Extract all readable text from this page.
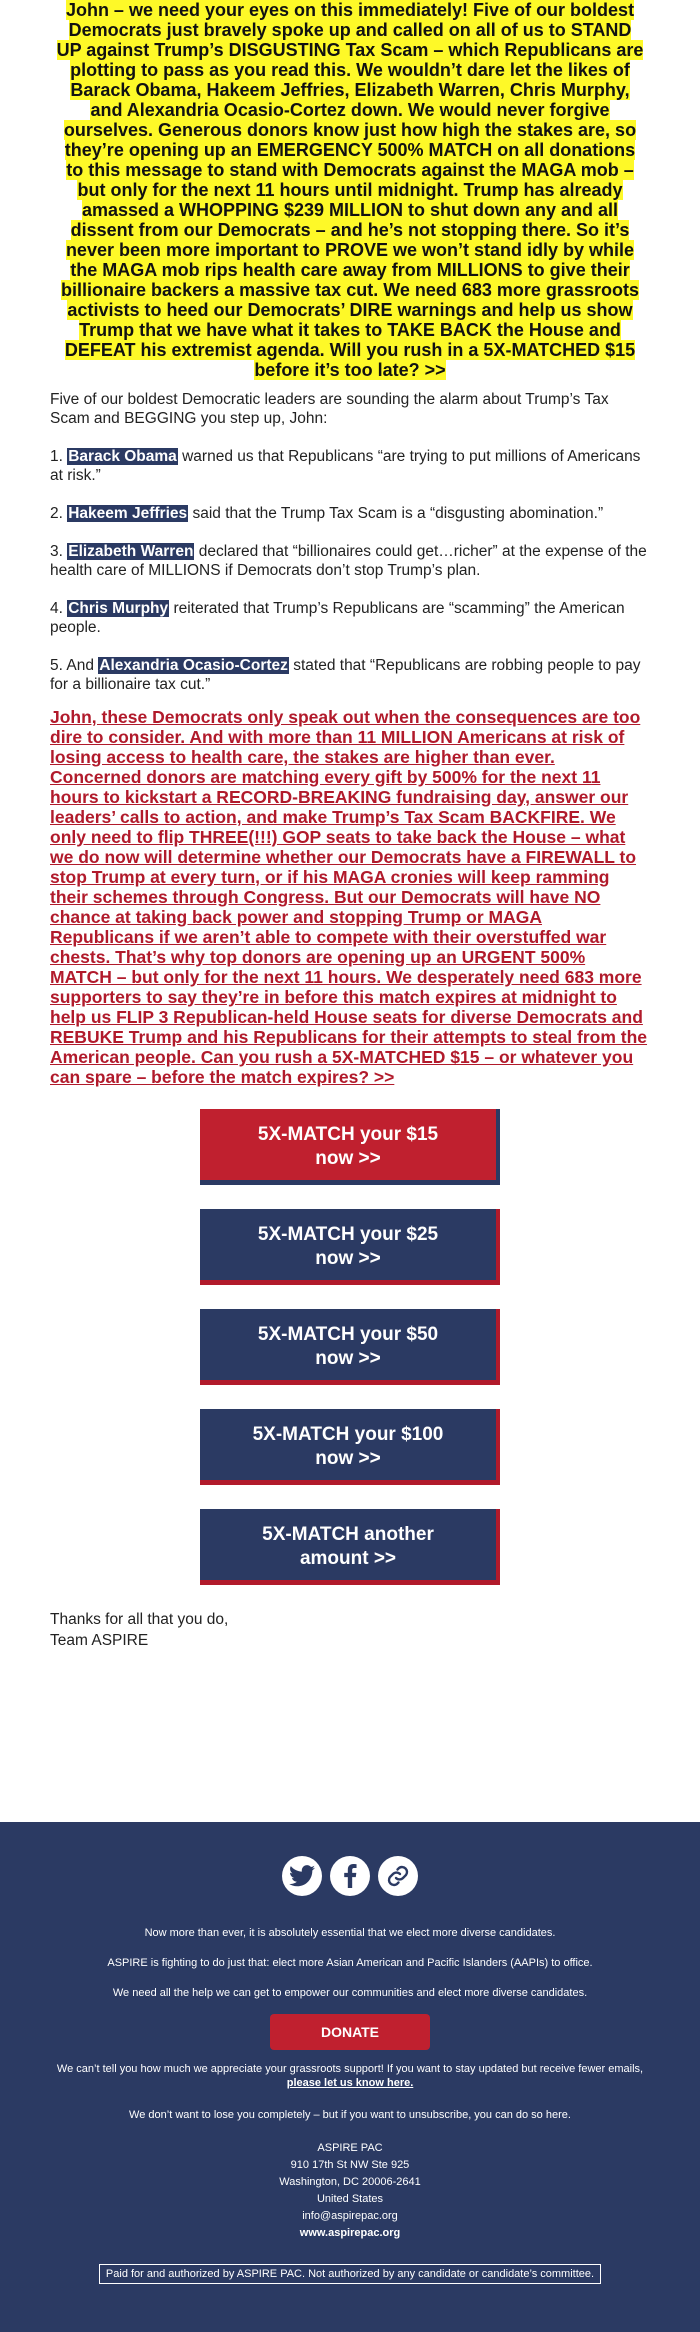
John – we need your eyes on this immediately! Five of our boldest Democrats just bravely spoke up and called on all of us to STAND UP against Trump’s DISGUSTING Tax Scam – which Republicans are plotting to pass as you read this. We wouldn’t dare let the likes of Barack Obama, Hakeem Jeffries, Elizabeth Warren, Chris Murphy, and Alexandria Ocasio-Cortez down. We would never forgive ourselves. Generous donors know just how high the stakes are, so they’re opening up an EMERGENCY 500% MATCH on all donations to this message to stand with Democrats against the MAGA mob – but only for the next 11 hours until midnight. Trump has already amassed a WHOPPING $239 MILLION to shut down any and all dissent from our Democrats – and he’s not stopping there. So it’s never been more important to PROVE we won’t stand idly by while the MAGA mob rips health care away from MILLIONS to give their billionaire backers a massive tax cut. We need 683 more grassroots activists to heed our Democrats’ DIRE warnings and help us show Trump that we have what it takes to TAKE BACK the House and DEFEAT his extremist agenda. Will you rush in a 5X-MATCHED $15 before it’s too late? >>

Five of our boldest Democratic leaders are sounding the alarm about Trump’s Tax Scam and BEGGING you step up, John:

1. Barack Obama warned us that Republicans “are trying to put millions of Americans at risk.”

2. Hakeem Jeffries said that the Trump Tax Scam is a “disgusting abomination.”

3. Elizabeth Warren declared that “billionaires could get…richer” at the expense of the health care of MILLIONS if Democrats don’t stop Trump’s plan.

4. Chris Murphy reiterated that Trump’s Republicans are “scamming” the American people.

5. And Alexandria Ocasio-Cortez stated that “Republicans are robbing people to pay for a billionaire tax cut.”

John, these Democrats only speak out when the consequences are too dire to consider. And with more than 11 MILLION Americans at risk of losing access to health care, the stakes are higher than ever. Concerned donors are matching every gift by 500% for the next 11 hours to kickstart a RECORD-BREAKING fundraising day, answer our leaders’ calls to action, and make Trump’s Tax Scam BACKFIRE. We only need to flip THREE(!!!) GOP seats to take back the House – what we do now will determine whether our Democrats have a FIREWALL to stop Trump at every turn, or if his MAGA cronies will keep ramming their schemes through Congress. But our Democrats will have NO chance at taking back power and stopping Trump or MAGA Republicans if we aren’t able to compete with their overstuffed war chests. That’s why top donors are opening up an URGENT 500% MATCH – but only for the next 11 hours. We desperately need 683 more supporters to say they’re in before this match expires at midnight to help us FLIP 3 Republican-held House seats for diverse Democrats and REBUKE Trump and his Republicans for their attempts to steal from the American people. Can you rush a 5X-MATCHED $15 – or whatever you can spare – before the match expires? >>
5X-MATCH your $15
now >>
5X-MATCH your $25
now >>
5X-MATCH your $50
now >>
5X-MATCH your $100
now >>
5X-MATCH another
amount >>
Thanks for all that you do,
Team ASPIRE

Now more than ever, it is absolutely essential that we elect more diverse candidates.

ASPIRE is fighting to do just that: elect more Asian American and Pacific Islanders (AAPIs) to office.

We need all the help we can get to empower our communities and elect more diverse candidates.

DONATE

We can’t tell you how much we appreciate your grassroots support! If you want to stay updated but receive fewer emails,
please let us know here.

We don’t want to lose you completely – but if you want to unsubscribe, you can do so here.

ASPIRE PAC

910 17th St NW Ste 925

Washington, DC 20006-2641

United States

info@aspirepac.org

www.aspirepac.org

Paid for and authorized by ASPIRE PAC. Not authorized by any candidate or candidate’s committee.
